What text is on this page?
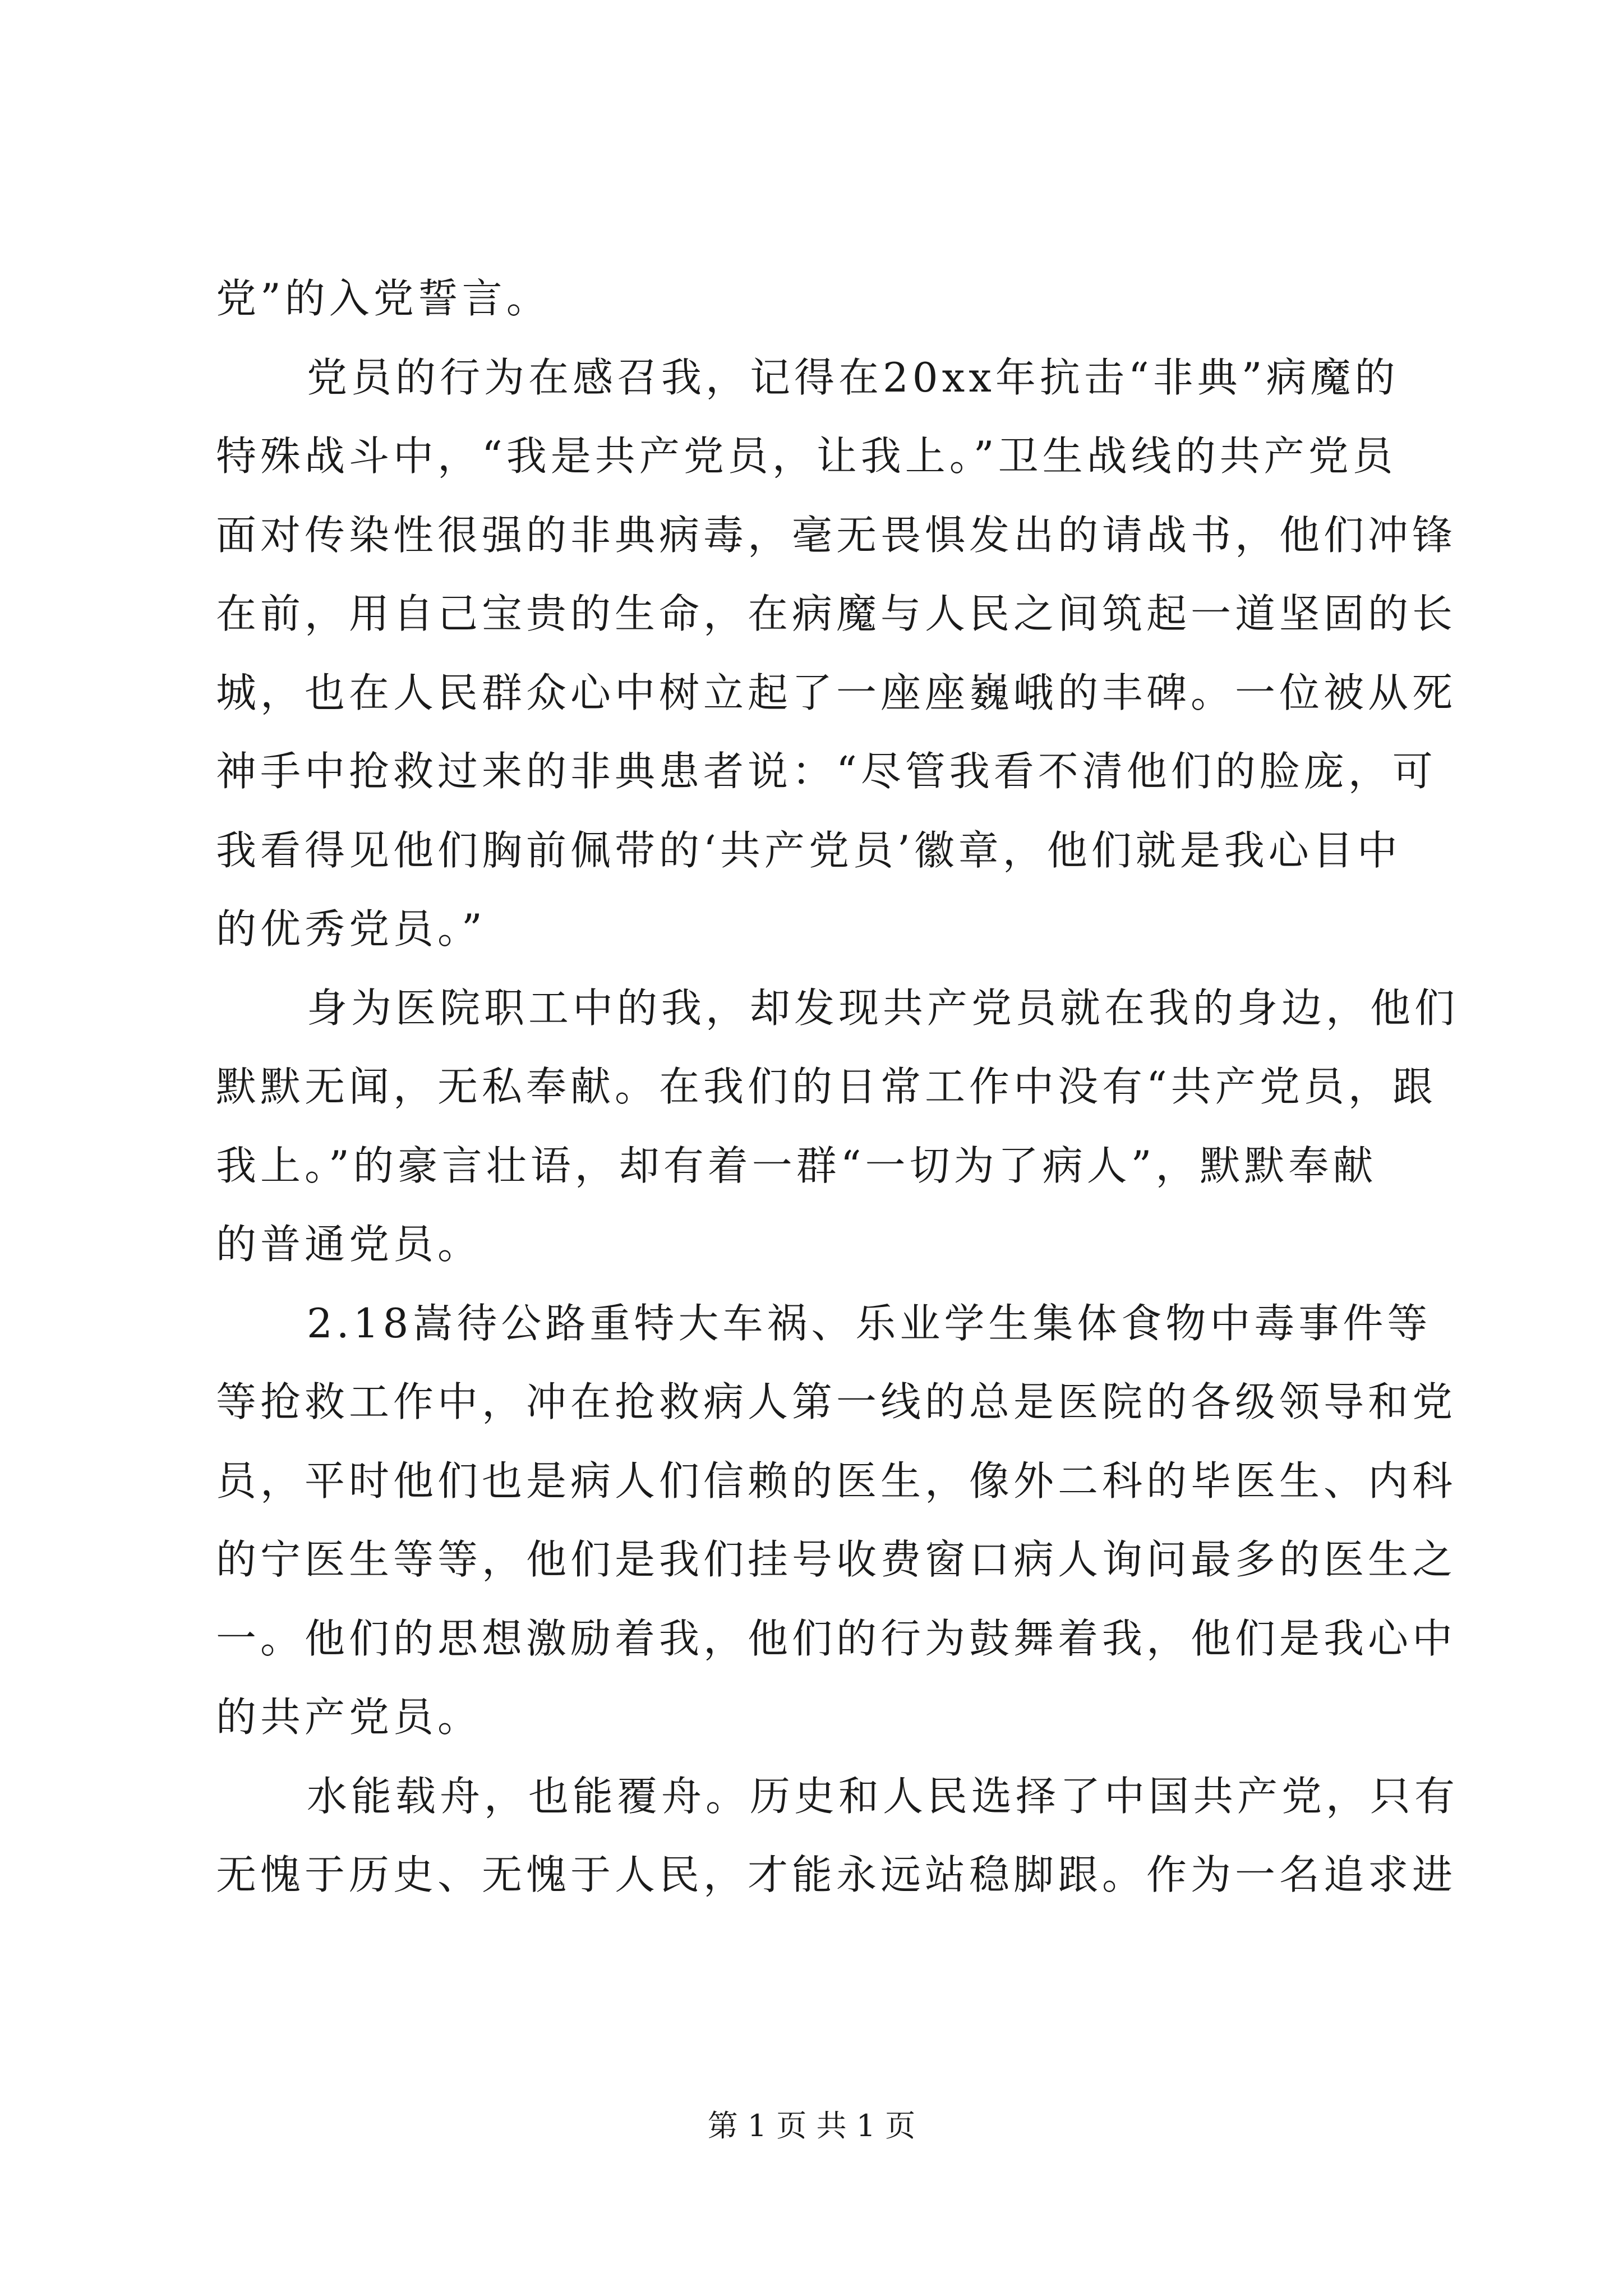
党”的入党誓言。
党员的行为在感召我，记得在20xx年抗击“非典”病魔的
特殊战斗中，“我是共产党员，让我上。”卫生战线的共产党员
面对传染性很强的非典病毒，毫无畏惧发出的请战书，他们冲锋
在前，用自己宝贵的生命，在病魔与人民之间筑起一道坚固的长
城，也在人民群众心中树立起了一座座巍峨的丰碑。一位被从死
神手中抢救过来的非典患者说：“尽管我看不清他们的脸庞，可
我看得见他们胸前佩带的‘共产党员’徽章，他们就是我心目中
的优秀党员。”
身为医院职工中的我，却发现共产党员就在我的身边，他们
默默无闻，无私奉献。在我们的日常工作中没有“共产党员，跟
我上。”的豪言壮语，却有着一群“一切为了病人”，默默奉献
的普通党员。
2.18嵩待公路重特大车祸、乐业学生集体食物中毒事件等
等抢救工作中，冲在抢救病人第一线的总是医院的各级领导和党
员，平时他们也是病人们信赖的医生，像外二科的毕医生、内科
的宁医生等等，他们是我们挂号收费窗口病人询问最多的医生之
一。他们的思想激励着我，他们的行为鼓舞着我，他们是我心中
的共产党员。
水能载舟，也能覆舟。历史和人民选择了中国共产党，只有
无愧于历史、无愧于人民，才能永远站稳脚跟。作为一名追求进
第 1 页 共 1 页
